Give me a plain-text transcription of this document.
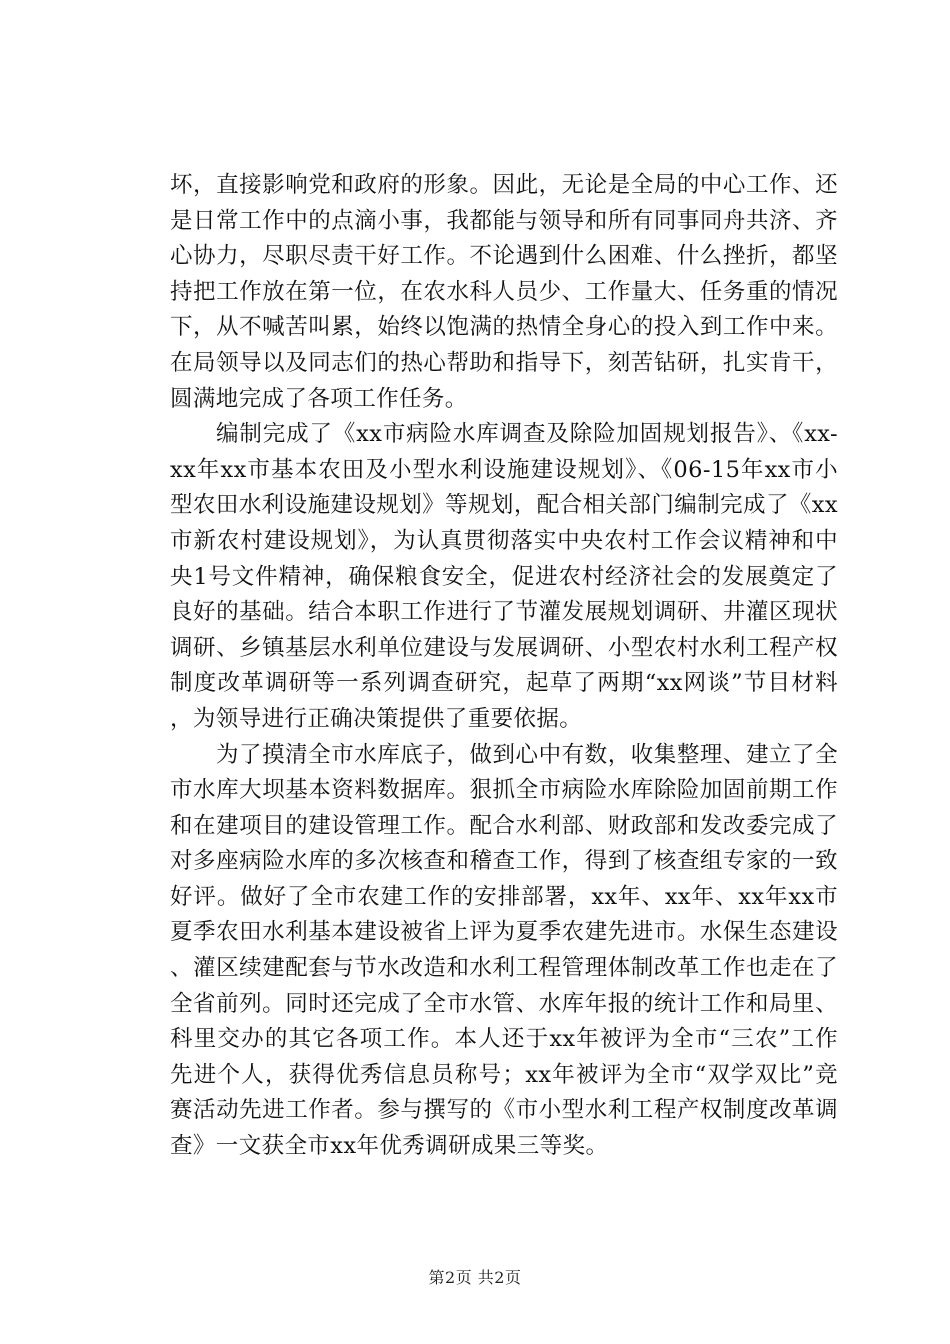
坏，直接影响党和政府的形象。因此，无论是全局的中心工作、还是日常工作中的点滴小事，我都能与领导和所有同事同舟共济、齐心协力，尽职尽责干好工作。不论遇到什么困难、什么挫折，都坚持把工作放在第一位，在农水科人员少、工作量大、任务重的情况下，从不喊苦叫累，始终以饱满的热情全身心的投入到工作中来。在局领导以及同志们的热心帮助和指导下，刻苦钻研，扎实肯干，圆满地完成了各项工作任务。

编制完成了《xx市病险水库调查及除险加固规划报告》、《xx-xx年xx市基本农田及小型水利设施建设规划》、《06-15年xx市小型农田水利设施建设规划》等规划，配合相关部门编制完成了《xx市新农村建设规划》，为认真贯彻落实中央农村工作会议精神和中央1号文件精神，确保粮食安全，促进农村经济社会的发展奠定了良好的基础。结合本职工作进行了节灌发展规划调研、井灌区现状调研、乡镇基层水利单位建设与发展调研、小型农村水利工程产权制度改革调研等一系列调查研究，起草了两期“xx网谈”节目材料，为领导进行正确决策提供了重要依据。

为了摸清全市水库底子，做到心中有数，收集整理、建立了全市水库大坝基本资料数据库。狠抓全市病险水库除险加固前期工作和在建项目的建设管理工作。配合水利部、财政部和发改委完成了对多座病险水库的多次核查和稽查工作，得到了核查组专家的一致好评。做好了全市农建工作的安排部署，xx年、xx年、xx年xx市夏季农田水利基本建设被省上评为夏季农建先进市。水保生态建设、灌区续建配套与节水改造和水利工程管理体制改革工作也走在了全省前列。同时还完成了全市水管、水库年报的统计工作和局里、科里交办的其它各项工作。本人还于xx年被评为全市“三农”工作先进个人，获得优秀信息员称号；xx年被评为全市“双学双比”竞赛活动先进工作者。参与撰写的《市小型水利工程产权制度改革调查》一文获全市xx年优秀调研成果三等奖。

第2页 共2页
